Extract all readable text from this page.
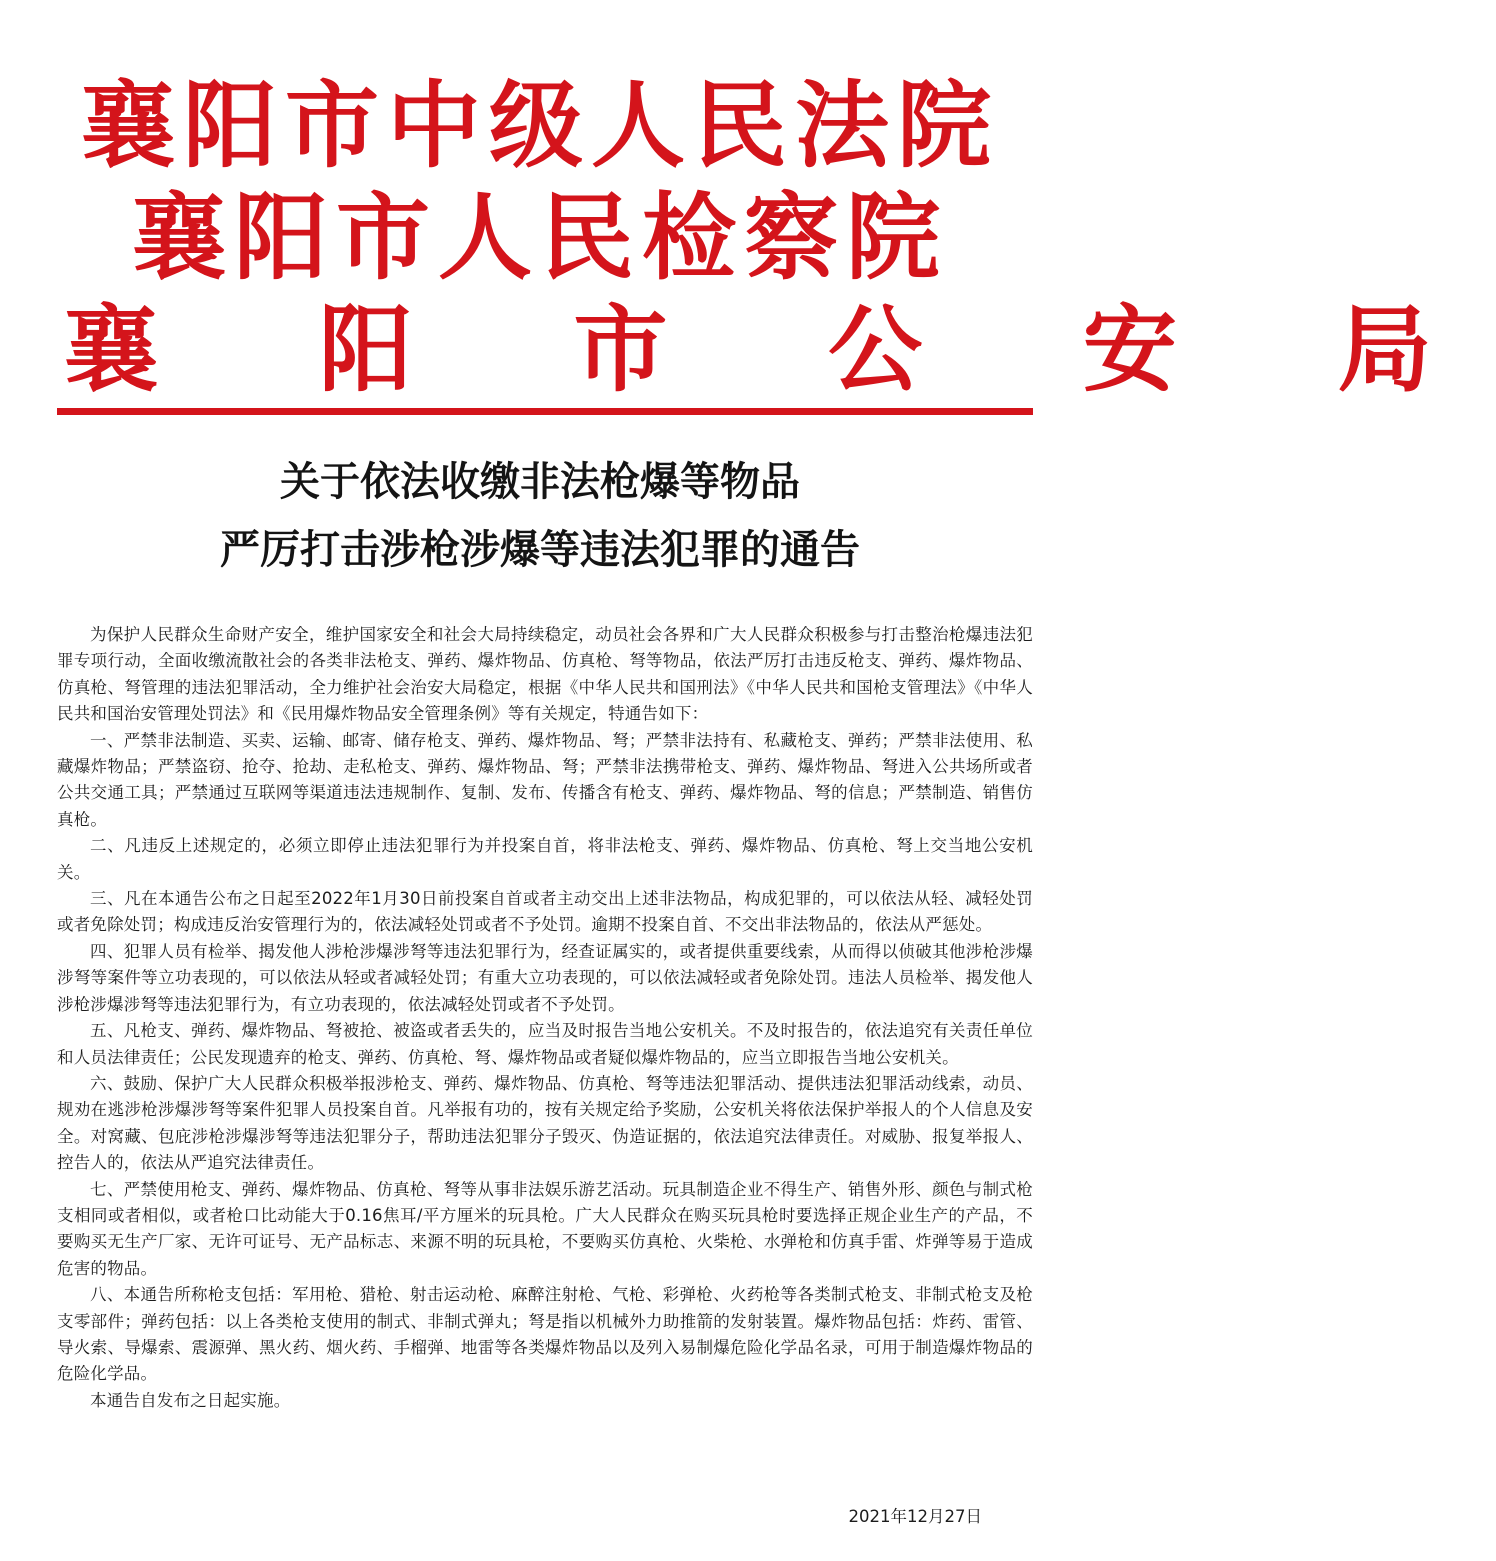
襄阳市中级人民法院
襄阳市人民检察院
襄 阳 市 公 安 局
关于依法收缴非法枪爆等物品
严厉打击涉枪涉爆等违法犯罪的通告

为保护人民群众生命财产安全，维护国家安全和社会大局持续稳定，动员社会各界和广大人民群众积极参与打击整治枪爆违法犯罪专项行动，全面收缴流散社会的各类非法枪支、弹药、爆炸物品、仿真枪、弩等物品，依法严厉打击违反枪支、弹药、爆炸物品、仿真枪、弩管理的违法犯罪活动，全力维护社会治安大局稳定，根据《中华人民共和国刑法》《中华人民共和国枪支管理法》《中华人民共和国治安管理处罚法》和《民用爆炸物品安全管理条例》等有关规定，特通告如下：

一、严禁非法制造、买卖、运输、邮寄、储存枪支、弹药、爆炸物品、弩；严禁非法持有、私藏枪支、弹药；严禁非法使用、私藏爆炸物品；严禁盗窃、抢夺、抢劫、走私枪支、弹药、爆炸物品、弩；严禁非法携带枪支、弹药、爆炸物品、弩进入公共场所或者公共交通工具；严禁通过互联网等渠道违法违规制作、复制、发布、传播含有枪支、弹药、爆炸物品、弩的信息；严禁制造、销售仿真枪。

二、凡违反上述规定的，必须立即停止违法犯罪行为并投案自首，将非法枪支、弹药、爆炸物品、仿真枪、弩上交当地公安机关。

三、凡在本通告公布之日起至2022年1月30日前投案自首或者主动交出上述非法物品，构成犯罪的，可以依法从轻、减轻处罚或者免除处罚；构成违反治安管理行为的，依法减轻处罚或者不予处罚。逾期不投案自首、不交出非法物品的，依法从严惩处。

四、犯罪人员有检举、揭发他人涉枪涉爆涉弩等违法犯罪行为，经查证属实的，或者提供重要线索，从而得以侦破其他涉枪涉爆涉弩等案件等立功表现的，可以依法从轻或者减轻处罚；有重大立功表现的，可以依法减轻或者免除处罚。违法人员检举、揭发他人涉枪涉爆涉弩等违法犯罪行为，有立功表现的，依法减轻处罚或者不予处罚。

五、凡枪支、弹药、爆炸物品、弩被抢、被盗或者丢失的，应当及时报告当地公安机关。不及时报告的，依法追究有关责任单位和人员法律责任；公民发现遗弃的枪支、弹药、仿真枪、弩、爆炸物品或者疑似爆炸物品的，应当立即报告当地公安机关。

六、鼓励、保护广大人民群众积极举报涉枪支、弹药、爆炸物品、仿真枪、弩等违法犯罪活动、提供违法犯罪活动线索，动员、规劝在逃涉枪涉爆涉弩等案件犯罪人员投案自首。凡举报有功的，按有关规定给予奖励，公安机关将依法保护举报人的个人信息及安全。对窝藏、包庇涉枪涉爆涉弩等违法犯罪分子，帮助违法犯罪分子毁灭、伪造证据的，依法追究法律责任。对威胁、报复举报人、控告人的，依法从严追究法律责任。

七、严禁使用枪支、弹药、爆炸物品、仿真枪、弩等从事非法娱乐游艺活动。玩具制造企业不得生产、销售外形、颜色与制式枪支相同或者相似，或者枪口比动能大于0.16焦耳/平方厘米的玩具枪。广大人民群众在购买玩具枪时要选择正规企业生产的产品，不要购买无生产厂家、无许可证号、无产品标志、来源不明的玩具枪，不要购买仿真枪、火柴枪、水弹枪和仿真手雷、炸弹等易于造成危害的物品。

八、本通告所称枪支包括：军用枪、猎枪、射击运动枪、麻醉注射枪、气枪、彩弹枪、火药枪等各类制式枪支、非制式枪支及枪支零部件；弹药包括：以上各类枪支使用的制式、非制式弹丸；弩是指以机械外力助推箭的发射装置。爆炸物品包括：炸药、雷管、导火索、导爆索、震源弹、黑火药、烟火药、手榴弹、地雷等各类爆炸物品以及列入易制爆危险化学品名录，可用于制造爆炸物品的危险化学品。

本通告自发布之日起实施。

2021年12月27日
